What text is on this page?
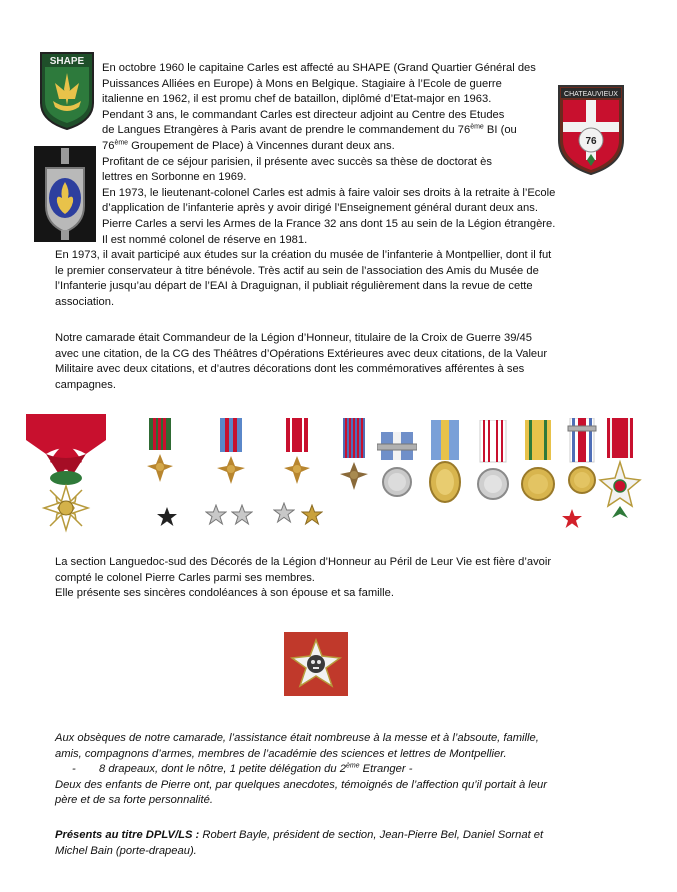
SHAPE
CHATEAUVIEUX
76
En octobre 1960 le capitaine Carles est affecté au SHAPE (Grand Quartier Général des
Puissances Alliées en Europe) à Mons en Belgique. Stagiaire à l’Ecole de guerre
italienne en 1962, il est promu chef de bataillon, diplômé d’Etat-major en 1963.
Pendant 3 ans, le commandant Carles est directeur adjoint au Centre des Etudes
de Langues Etrangères à Paris avant de prendre le commandement du 76ème BI (ou
76ème Groupement de Place) à Vincennes durant deux ans.
Profitant de ce séjour parisien, il présente avec succès sa thèse de doctorat ès
lettres en Sorbonne en 1969.
En 1973, le lieutenant-colonel Carles est admis à faire valoir ses droits à la retraite à l’Ecole
d’application de l’infanterie après y avoir dirigé l’Enseignement général durant deux ans.
Pierre Carles a servi les Armes de la France 32 ans dont 15 au sein de la Légion étrangère.
Il est nommé colonel de réserve en 1981.
En 1973, il avait participé aux études sur la création du musée de l’infanterie à Montpellier, dont il fut
le premier conservateur à titre bénévole. Très actif au sein de l’association des Amis du Musée de
l’Infanterie jusqu’au départ de l’EAI à Draguignan, il publiait régulièrement dans la revue de cette
association.
Notre camarade était Commandeur de la Légion d’Honneur, titulaire de la Croix de Guerre 39/45
avec une citation, de la CG des Théâtres d’Opérations Extérieures avec deux citations, de la Valeur
Militaire avec deux citations, et d’autres décorations dont les commémoratives afférentes à ses
campagnes.
La section Languedoc-sud des Décorés de la Légion d’Honneur au Péril de Leur Vie est fière d’avoir
compté le colonel Pierre Carles parmi ses membres.
Elle présente ses sincères condoléances à son épouse et sa famille.
Aux obsèques de notre camarade, l’assistance était nombreuse à la messe et à l’absoute, famille,
amis, compagnons d’armes, membres de l’académie des sciences et lettres de Montpellier.
- 8 drapeaux, dont le nôtre, 1 petite délégation du 2ème Etranger -
Deux des enfants de Pierre ont, par quelques anecdotes, témoignés de l’affection qu’il portait à leur
père et de sa forte personnalité.
Présents au titre DPLV/LS : Robert Bayle, président de section, Jean-Pierre Bel, Daniel Sornat et
Michel Bain (porte-drapeau).
